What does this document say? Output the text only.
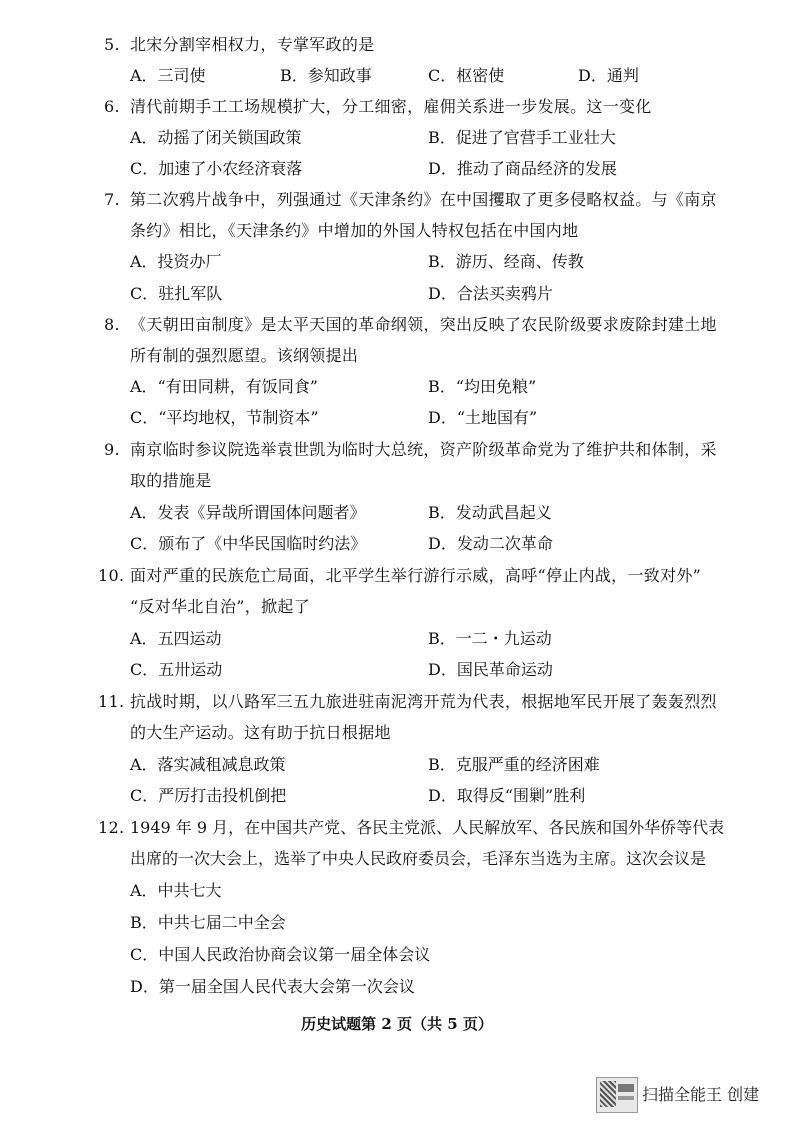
5. 北宋分割宰相权力，专掌军政的是
A．三司使	B．参知政事	C．枢密使	D．通判
6. 清代前期手工工场规模扩大，分工细密，雇佣关系进一步发展。这一变化
A．动摇了闭关锁国政策	B．促进了官营手工业壮大
C．加速了小农经济衰落	D．推动了商品经济的发展
7. 第二次鸦片战争中，列强通过《天津条约》在中国攫取了更多侵略权益。与《南京
条约》相比，《天津条约》中增加的外国人特权包括在中国内地
A．投资办厂	B．游历、经商、传教
C．驻扎军队	D．合法买卖鸦片
8. 《天朝田亩制度》是太平天国的革命纲领，突出反映了农民阶级要求废除封建土地
所有制的强烈愿望。该纲领提出
A．“有田同耕，有饭同食”	B．“均田免粮”
C．“平均地权，节制资本”	D．“土地国有”
9. 南京临时参议院选举袁世凯为临时大总统，资产阶级革命党为了维护共和体制，采
取的措施是
A．发表《异哉所谓国体问题者》	B．发动武昌起义
C．颁布了《中华民国临时约法》	D．发动二次革命
10. 面对严重的民族危亡局面，北平学生举行游行示威，高呼“停止内战，一致对外”
“反对华北自治”，掀起了
A．五四运动	B．一二・九运动
C．五卅运动	D．国民革命运动
11. 抗战时期，以八路军三五九旅进驻南泥湾开荒为代表，根据地军民开展了轰轰烈烈
的大生产运动。这有助于抗日根据地
A．落实减租减息政策	B．克服严重的经济困难
C．严厉打击投机倒把	D．取得反“围剿”胜利
12. 1949 年 9 月，在中国共产党、各民主党派、人民解放军、各民族和国外华侨等代表
出席的一次大会上，选举了中央人民政府委员会，毛泽东当选为主席。这次会议是
A．中共七大
B．中共七届二中全会
C．中国人民政治协商会议第一届全体会议
D．第一届全国人民代表大会第一次会议
历史试题第 2 页（共 5 页）
扫描全能王 创建
